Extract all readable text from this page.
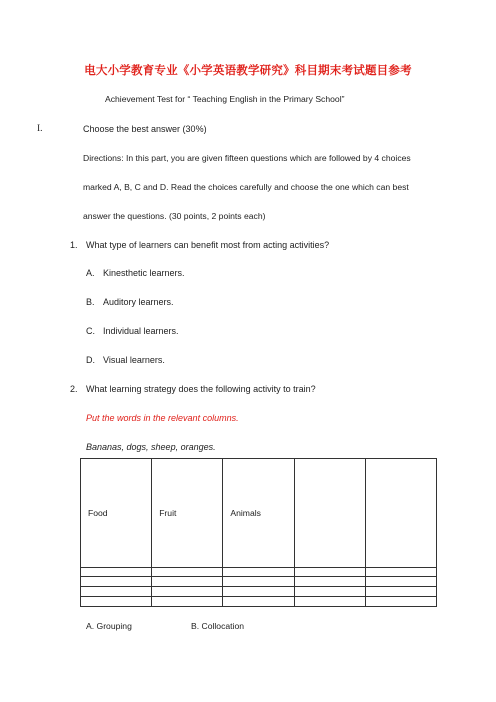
电大小学教育专业《小学英语教学研究》科目期末考试题目参考
Achievement Test for “ Teaching English in the Primary School”
I.	Choose the best answer (30%)
Directions: In this part, you are given fifteen questions which are followed by 4 choices
marked A, B, C and D. Read the choices carefully and choose the one which can best
answer the questions. (30 points, 2 points each)
1. What type of learners can benefit most from acting activities?
A. Kinesthetic learners.
B. Auditory learners.
C. Individual learners.
D. Visual learners.
2. What learning strategy does the following activity to train?
Put the words in the relevant columns.
Bananas, dogs, sheep, oranges.
Food	Fruit	Animals		

A. Grouping	B. Collocation
